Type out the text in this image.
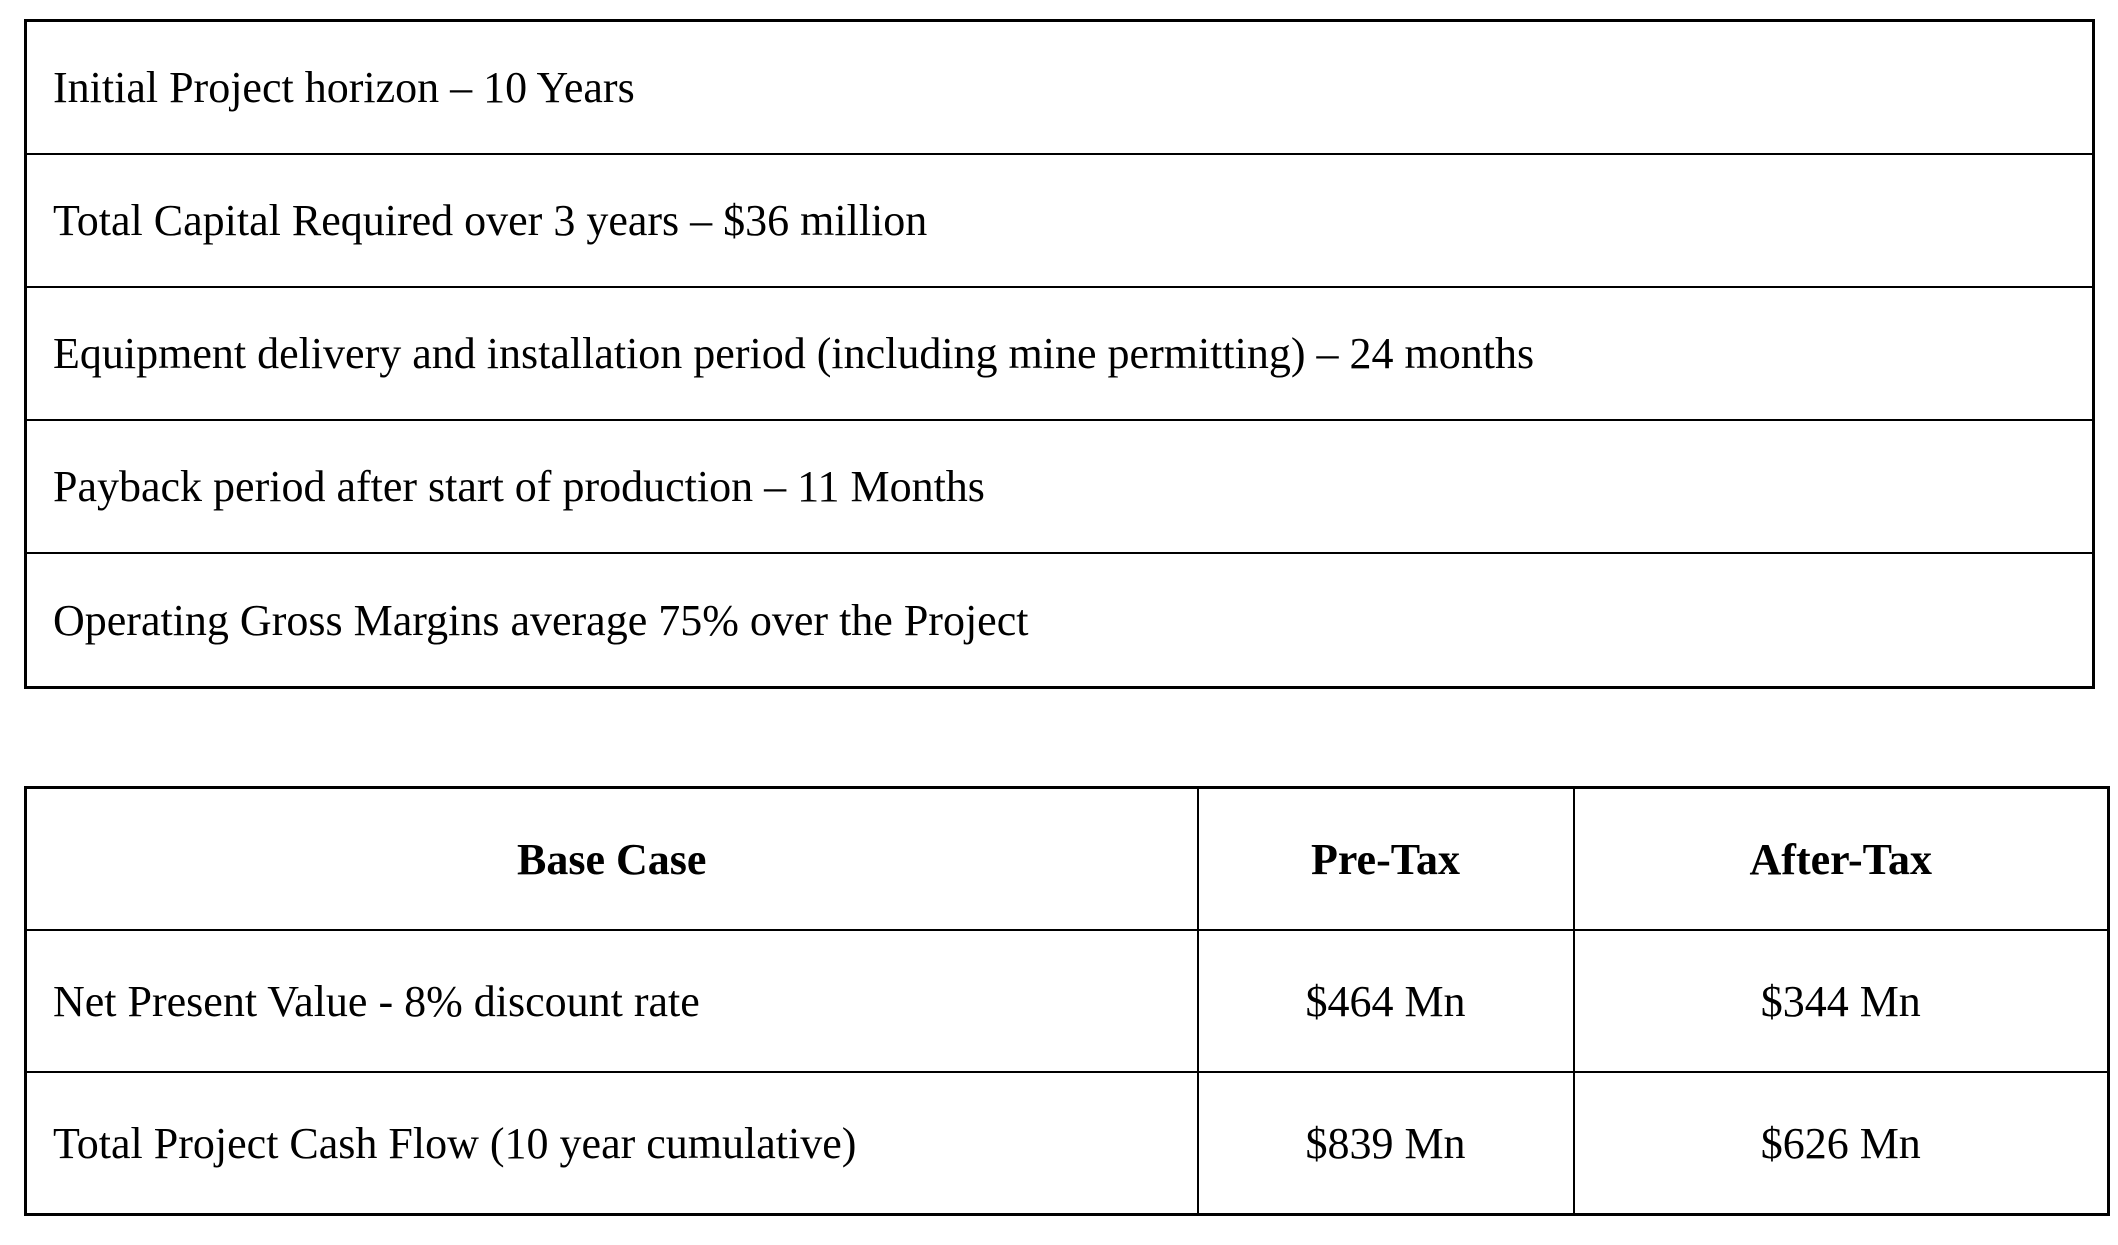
Initial Project horizon – 10 Years
Total Capital Required over 3 years – $36 million
Equipment delivery and installation period (including mine permitting) – 24 months
Payback period after start of production – 11 Months
Operating Gross Margins average 75% over the Project
Base Case	Pre-Tax	After-Tax
Net Present Value - 8% discount rate	$464 Mn	$344 Mn
Total Project Cash Flow (10 year cumulative)	$839 Mn	$626 Mn
